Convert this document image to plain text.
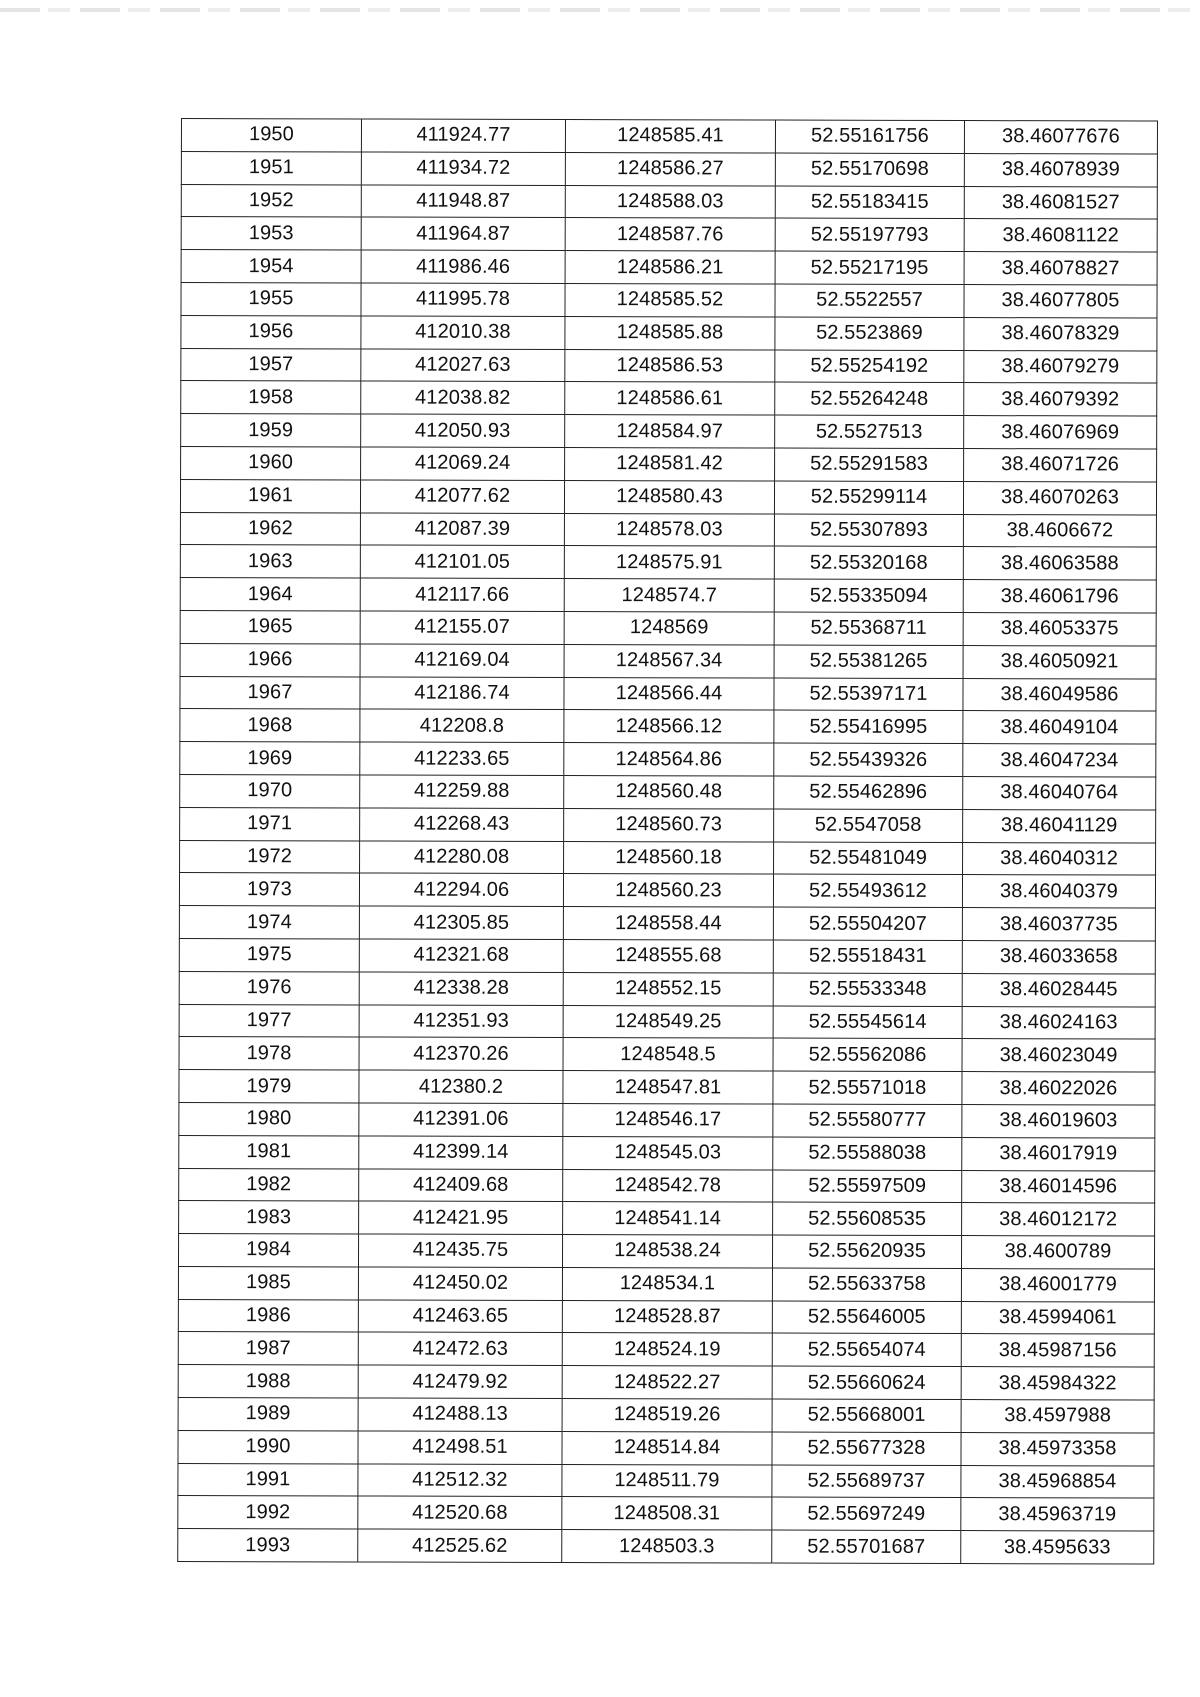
1950	411924.77	1248585.41	52.55161756	38.46077676
1951	411934.72	1248586.27	52.55170698	38.46078939
1952	411948.87	1248588.03	52.55183415	38.46081527
1953	411964.87	1248587.76	52.55197793	38.46081122
1954	411986.46	1248586.21	52.55217195	38.46078827
1955	411995.78	1248585.52	52.5522557	38.46077805
1956	412010.38	1248585.88	52.5523869	38.46078329
1957	412027.63	1248586.53	52.55254192	38.46079279
1958	412038.82	1248586.61	52.55264248	38.46079392
1959	412050.93	1248584.97	52.5527513	38.46076969
1960	412069.24	1248581.42	52.55291583	38.46071726
1961	412077.62	1248580.43	52.55299114	38.46070263
1962	412087.39	1248578.03	52.55307893	38.4606672
1963	412101.05	1248575.91	52.55320168	38.46063588
1964	412117.66	1248574.7	52.55335094	38.46061796
1965	412155.07	1248569	52.55368711	38.46053375
1966	412169.04	1248567.34	52.55381265	38.46050921
1967	412186.74	1248566.44	52.55397171	38.46049586
1968	412208.8	1248566.12	52.55416995	38.46049104
1969	412233.65	1248564.86	52.55439326	38.46047234
1970	412259.88	1248560.48	52.55462896	38.46040764
1971	412268.43	1248560.73	52.5547058	38.46041129
1972	412280.08	1248560.18	52.55481049	38.46040312
1973	412294.06	1248560.23	52.55493612	38.46040379
1974	412305.85	1248558.44	52.55504207	38.46037735
1975	412321.68	1248555.68	52.55518431	38.46033658
1976	412338.28	1248552.15	52.55533348	38.46028445
1977	412351.93	1248549.25	52.55545614	38.46024163
1978	412370.26	1248548.5	52.55562086	38.46023049
1979	412380.2	1248547.81	52.55571018	38.46022026
1980	412391.06	1248546.17	52.55580777	38.46019603
1981	412399.14	1248545.03	52.55588038	38.46017919
1982	412409.68	1248542.78	52.55597509	38.46014596
1983	412421.95	1248541.14	52.55608535	38.46012172
1984	412435.75	1248538.24	52.55620935	38.4600789
1985	412450.02	1248534.1	52.55633758	38.46001779
1986	412463.65	1248528.87	52.55646005	38.45994061
1987	412472.63	1248524.19	52.55654074	38.45987156
1988	412479.92	1248522.27	52.55660624	38.45984322
1989	412488.13	1248519.26	52.55668001	38.4597988
1990	412498.51	1248514.84	52.55677328	38.45973358
1991	412512.32	1248511.79	52.55689737	38.45968854
1992	412520.68	1248508.31	52.55697249	38.45963719
1993	412525.62	1248503.3	52.55701687	38.4595633
